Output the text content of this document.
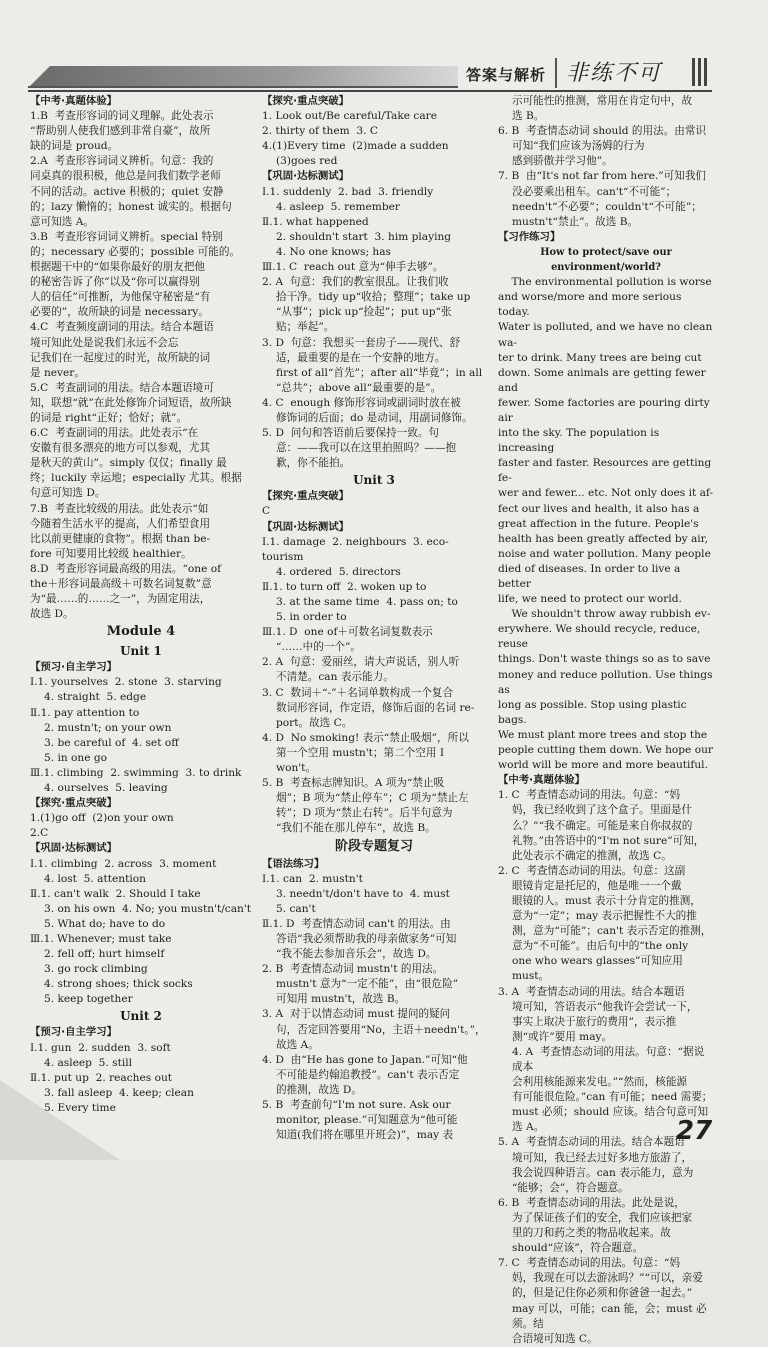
答案与解析 非练不可

【中考·真题体验】

1.B  考查形容词的词义理解。此处表示

“帮助别人使我们感到非常自豪”，故所

缺的词是 proud。

2.A  考查形容词词义辨析。句意：我的

同桌真的很积极，他总是问我们数学老师

不同的活动。active 积极的；quiet 安静

的；lazy 懒惰的；honest 诚实的。根据句

意可知选 A。

3.B  考查形容词词义辨析。special 特别

的；necessary 必要的；possible 可能的。

根据题干中的“如果你最好的朋友把他

的秘密告诉了你”以及“你可以赢得别

人的信任”可推断，为他保守秘密是“有

必要的”，故所缺的词是 necessary。

4.C  考查频度副词的用法。结合本题语

境可知此处是说我们永远不会忘

记我们在一起度过的时光，故所缺的词

是 never。

5.C  考查副词的用法。结合本题语境可

知，联想“就”在此处修饰介词短语，故所缺

的词是 right“正好；恰好；就”。

6.C  考查副词的用法。此处表示“在

安徽有很多漂亮的地方可以参观，尤其

是秋天的黄山”。simply 仅仅；finally 最

终；luckily 幸运地；especially 尤其。根据

句意可知选 D。

7.B  考查比较级的用法。此处表示“如

今随着生活水平的提高，人们希望食用

比以前更健康的食物”。根据 than be-

fore 可知要用比较级 healthier。

8.D  考查形容词最高级的用法。“one of

the＋形容词最高级＋可数名词复数”意

为“最……的……之一”，为固定用法，

故选 D。

Module 4

Unit 1

【预习·自主学习】

Ⅰ.1. yourselves  2. stone  3. starving

4. straight  5. edge

Ⅱ.1. pay attention to

2. mustn't; on your own

3. be careful of  4. set off

5. in one go

Ⅲ.1. climbing  2. swimming  3. to drink

4. ourselves  5. leaving

【探究·重点突破】

1.(1)go off  (2)on your own

2.C

【巩固·达标测试】

Ⅰ.1. climbing  2. across  3. moment

4. lost  5. attention

Ⅱ.1. can't walk  2. Should I take

3. on his own  4. No; you mustn't/can't

5. What do; have to do

Ⅲ.1. Whenever; must take

2. fell off; hurt himself

3. go rock climbing

4. strong shoes; thick socks

5. keep together

Unit 2

【预习·自主学习】

Ⅰ.1. gun  2. sudden  3. soft

4. asleep  5. still

Ⅱ.1. put up  2. reaches out

3. fall asleep  4. keep; clean

5. Every time

【探究·重点突破】

1. Look out/Be careful/Take care

2. thirty of them  3. C

4.(1)Every time  (2)made a sudden

(3)goes red

【巩固·达标测试】

Ⅰ.1. suddenly  2. bad  3. friendly

4. asleep  5. remember

Ⅱ.1. what happened

2. shouldn't start  3. him playing

4. No one knows; has

Ⅲ.1. C  reach out 意为“伸手去够”。

2. A  句意：我们的教室很乱。让我们收

拾干净。tidy up“收拾；整理”；take up

“从事”；pick up“捡起”；put up“张

贴；举起”。

3. D  句意：我想买一套房子——现代、舒

适，最重要的是在一个安静的地方。

first of all“首先”；after all“毕竟”；in all

“总共”；above all“最重要的是”。

4. C  enough 修饰形容词或副词时放在被

修饰词的后面；do 是动词，用副词修饰。

5. D  问句和答语前后要保持一致。句

意：——我可以在这里拍照吗？——抱

歉，你不能拍。

Unit 3

【探究·重点突破】

C

【巩固·达标测试】

Ⅰ.1. damage  2. neighbours  3. eco-tourism

4. ordered  5. directors

Ⅱ.1. to turn off  2. woken up to

3. at the same time  4. pass on; to

5. in order to

Ⅲ.1. D  one of＋可数名词复数表示

“……中的一个”。

2. A  句意：爱丽丝，请大声说话，别人听

不清楚。can 表示能力。

3. C  数词＋“-”＋名词单数构成一个复合

数词形容词，作定语，修饰后面的名词 re-

port。故选 C。

4. D  No smoking! 表示“禁止吸烟”，所以

第一个空用 mustn't；第二个空用 I won't。

5. B  考查标志牌知识。A 项为“禁止吸

烟”；B 项为“禁止停车”；C 项为“禁止左

转”；D 项为“禁止右转”。后半句意为

“我们不能在那儿停车”，故选 B。

阶段专题复习

【语法练习】

Ⅰ.1. can  2. mustn't

3. needn't/don't have to  4. must

5. can't

Ⅱ.1. D  考查情态动词 can't 的用法。由

答语“我必须帮助我的母亲做家务”可知

“我不能去参加音乐会”，故选 D。

2. B  考查情态动词 mustn't 的用法。

mustn't 意为“一定不能”，由“很危险”

可知用 mustn't，故选 B。

3. A  对于以情态动词 must 提问的疑问

句，否定回答要用“No，主语＋needn't。”，

故选 A。

4. D  由“He has gone to Japan.”可知“他

不可能是约翰追教授”。can't 表示否定

的推测，故选 D。

5. B  考查前句“I'm not sure. Ask our

monitor, please.”可知题意为“他可能

知道(我们将在哪里开班会)”，may 表

示可能性的推测，常用在肯定句中，故

选 B。

6. B  考查情态动词 should 的用法。由常识

可知“我们应该为汤姆的行为

感到骄傲并学习他”。

7. B  由“It's not far from here.”可知我们

没必要乘出租车。can't“不可能”；

needn't“不必要”；couldn't“不可能”；

mustn't“禁止”。故选 B。

【习作练习】

How to protect/save our environment/world?

The environmental pollution is worse

and worse/more and more serious today.

Water is polluted, and we have no clean wa-

ter to drink. Many trees are being cut

down. Some animals are getting fewer and

fewer. Some factories are pouring dirty air

into the sky. The population is increasing

faster and faster. Resources are getting fe-

wer and fewer... etc. Not only does it af-

fect our lives and health, it also has a

great affection in the future. People's

health has been greatly affected by air,

noise and water pollution. Many people

died of diseases. In order to live a better

life, we need to protect our world.

We shouldn't throw away rubbish ev-

erywhere. We should recycle, reduce, reuse

things. Don't waste things so as to save

money and reduce pollution. Use things as

long as possible. Stop using plastic bags.

We must plant more trees and stop the

people cutting them down. We hope our

world will be more and more beautiful.

【中考·真题体验】

1. C  考查情态动词的用法。句意：“妈

妈，我已经收到了这个盒子。里面是什

么？”“我不确定。可能是来自你叔叔的

礼物。”由答语中的“I'm not sure”可知，

此处表示不确定的推测，故选 C。

2. C  考查情态动词的用法。句意：这副

眼镜肯定是托尼的，他是唯一一个戴

眼镜的人。must 表示十分肯定的推测，

意为“一定”；may 表示把握性不大的推

测，意为“可能”；can't 表示否定的推测，

意为“不可能”。由后句中的“the only

one who wears glasses”可知应用 must。

3. A  考查情态动词的用法。结合本题语

境可知，答语表示“他我许会尝试一下，

事实上取决于旅行的费用”，表示推

测“或许”要用 may。

4. A  考查情态动词的用法。句意：“据说成本

会利用核能源来发电。”“然而，核能源

有可能很危险。”can 有可能；need 需要；

must 必须；should 应该。结合句意可知

选 A。

5. A  考查情态动词的用法。结合本题语

境可知，我已经去过好多地方旅游了，

我会说四种语言。can 表示能力，意为

“能够；会”，符合题意。

6. B  考查情态动词的用法。此处是说，

为了保证孩子们的安全，我们应该把家

里的刀和药之类的物品收起来。故

should“应该”，符合题意。

7. C  考查情态动词的用法。句意：“妈

妈，我现在可以去游泳吗？”“可以，亲爱

的，但是记住你必须和你爸爸一起去。”

may 可以，可能；can 能，会；must 必须。结

合语境可知选 C。

27
